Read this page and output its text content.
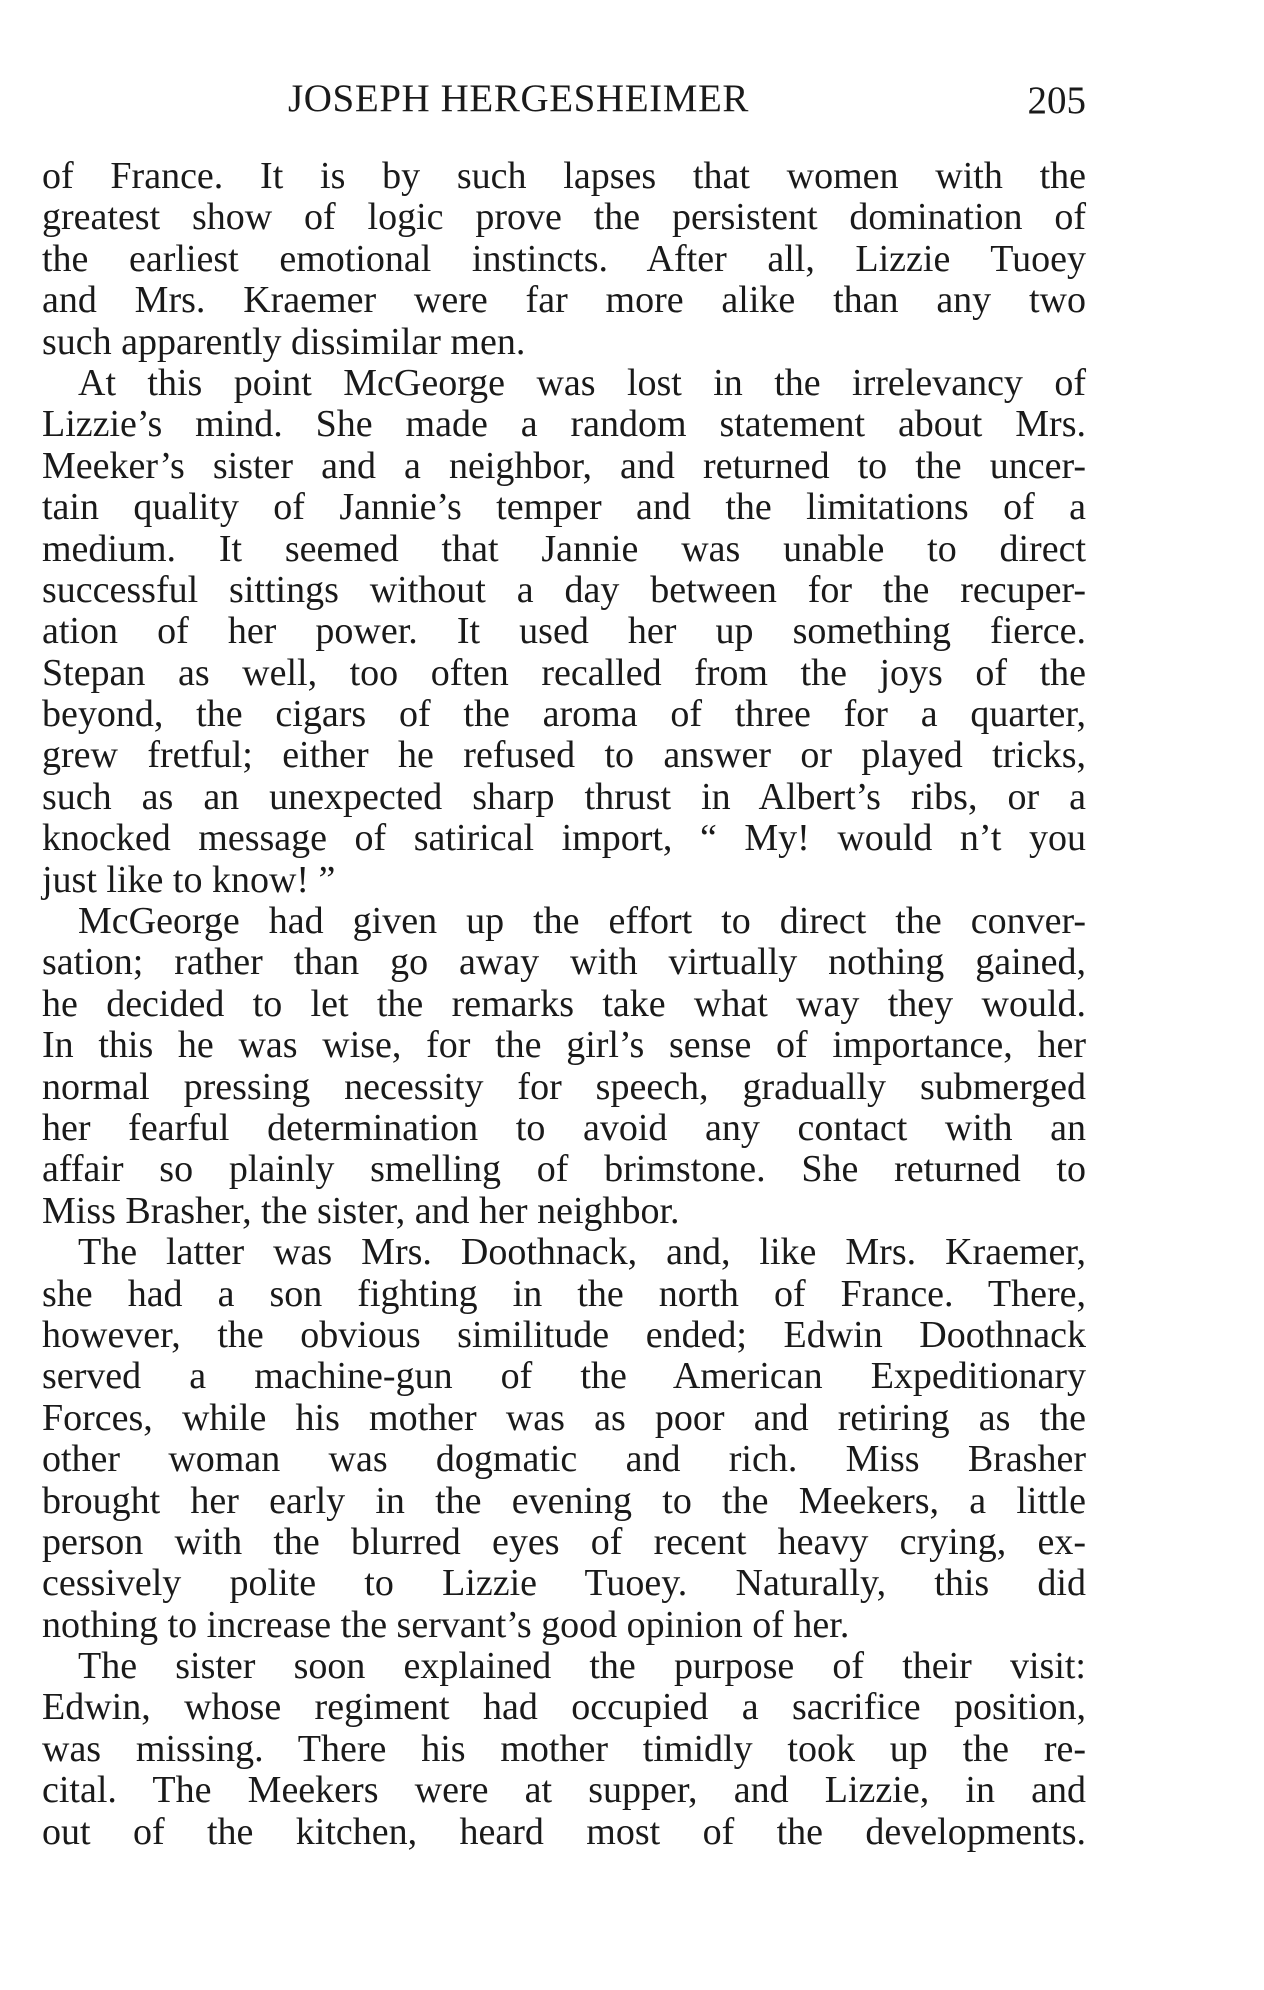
JOSEPH HERGESHEIMER	205
of France. It is by such lapses that women with the
greatest show of logic prove the persistent domination of
the earliest emotional instincts. After all, Lizzie Tuoey
and Mrs. Kraemer were far more alike than any two
such apparently dissimilar men.
At this point McGeorge was lost in the irrelevancy of
Lizzie’s mind. She made a random statement about Mrs.
Meeker’s sister and a neighbor, and returned to the uncer-
tain quality of Jannie’s temper and the limitations of a
medium. It seemed that Jannie was unable to direct
successful sittings without a day between for the recuper-
ation of her power. It used her up something fierce.
Stepan as well, too often recalled from the joys of the
beyond, the cigars of the aroma of three for a quarter,
grew fretful; either he refused to answer or played tricks,
such as an unexpected sharp thrust in Albert’s ribs, or a
knocked message of satirical import, “ My! would n’t you
just like to know! ”
McGeorge had given up the effort to direct the conver-
sation; rather than go away with virtually nothing gained,
he decided to let the remarks take what way they would.
In this he was wise, for the girl’s sense of importance, her
normal pressing necessity for speech, gradually submerged
her fearful determination to avoid any contact with an
affair so plainly smelling of brimstone. She returned to
Miss Brasher, the sister, and her neighbor.
The latter was Mrs. Doothnack, and, like Mrs. Kraemer,
she had a son fighting in the north of France. There,
however, the obvious similitude ended; Edwin Doothnack
served a machine-gun of the American Expeditionary
Forces, while his mother was as poor and retiring as the
other woman was dogmatic and rich. Miss Brasher
brought her early in the evening to the Meekers, a little
person with the blurred eyes of recent heavy crying, ex-
cessively polite to Lizzie Tuoey. Naturally, this did
nothing to increase the servant’s good opinion of her.
The sister soon explained the purpose of their visit:
Edwin, whose regiment had occupied a sacrifice position,
was missing. There his mother timidly took up the re-
cital. The Meekers were at supper, and Lizzie, in and
out of the kitchen, heard most of the developments.
